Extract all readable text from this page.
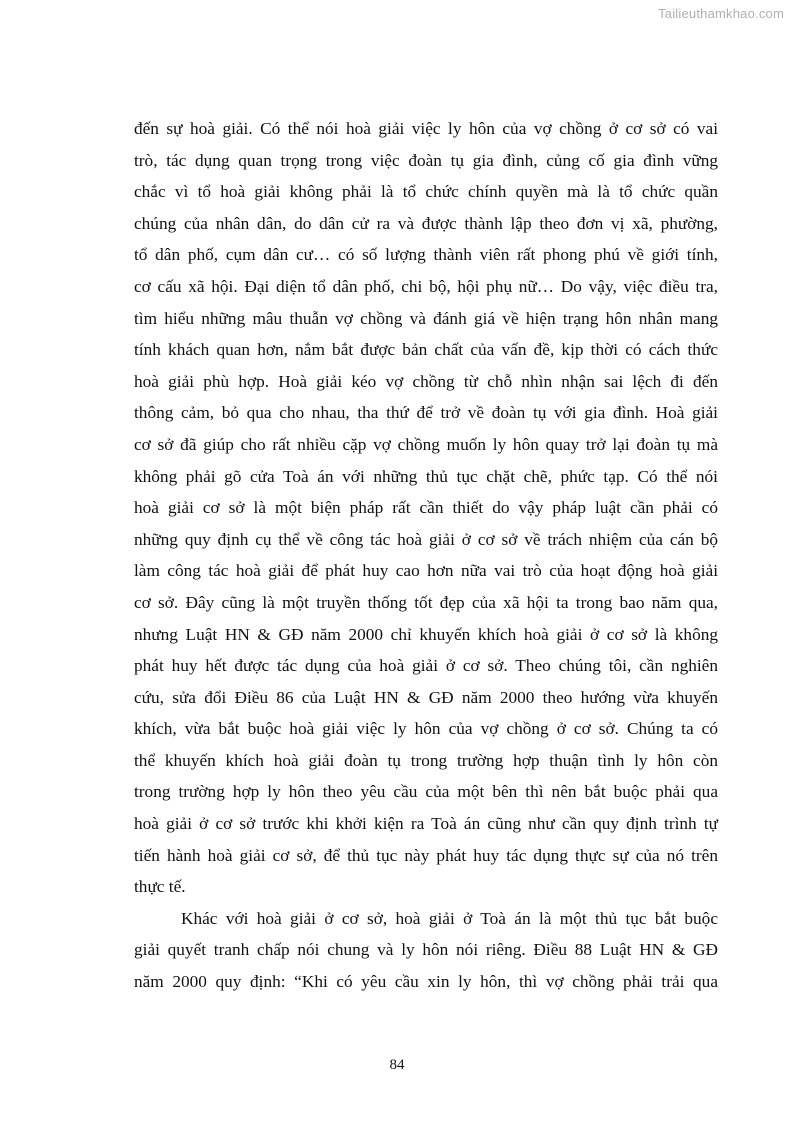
Tailieuthamkhao.com
đến sự hoà giải. Có thể nói hoà giải việc ly hôn của vợ chồng ở cơ sở có vai
trò, tác dụng quan trọng trong việc đoàn tụ gia đình, củng cố gia đình vững
chắc vì tổ hoà giải không phải là tổ chức chính quyền mà là tổ chức quần
chúng của nhân dân, do dân cử ra và được thành lập theo đơn vị xã, phường,
tổ dân phố, cụm dân cư… có số lượng thành viên rất phong phú về giới tính,
cơ cấu xã hội. Đại diện tổ dân phố, chi bộ, hội phụ nữ… Do vậy, việc điều tra,
tìm hiểu những mâu thuẫn vợ chồng và đánh giá về hiện trạng hôn nhân mang
tính khách quan hơn, nắm bắt được bản chất của vấn đề, kịp thời có cách thức
hoà giải phù hợp. Hoà giải kéo vợ chồng từ chỗ nhìn nhận sai lệch đi đến
thông cảm, bỏ qua cho nhau, tha thứ để trở về đoàn tụ với gia đình. Hoà giải
cơ sở đã giúp cho rất nhiều cặp vợ chồng muốn ly hôn quay trở lại đoàn tụ mà
không phải gõ cửa Toà án với những thủ tục chặt chẽ, phức tạp. Có thể nói
hoà giải cơ sở là một biện pháp rất cần thiết do vậy pháp luật cần phải có
những quy định cụ thể về công tác hoà giải ở cơ sở về trách nhiệm của cán bộ
làm công tác hoà giải để phát huy cao hơn nữa vai trò của hoạt động hoà giải
cơ sở. Đây cũng là một truyền thống tốt đẹp của xã hội ta trong bao năm qua,
nhưng Luật HN & GĐ năm 2000 chỉ khuyến khích hoà giải ở cơ sở là không
phát huy hết được tác dụng của hoà giải ở cơ sở. Theo chúng tôi, cần nghiên
cứu, sửa đổi Điều 86 của Luật HN & GĐ năm 2000 theo hướng vừa khuyến
khích, vừa bắt buộc hoà giải việc ly hôn của vợ chồng ở cơ sở. Chúng ta có
thể khuyến khích hoà giải đoàn tụ trong trường hợp thuận tình ly hôn còn
trong trường hợp ly hôn theo yêu cầu của một bên thì nên bắt buộc phải qua
hoà giải ở cơ sở trước khi khởi kiện ra Toà án cũng như cần quy định trình tự
tiến hành hoà giải cơ sở, để thủ tục này phát huy tác dụng thực sự của nó trên
thực tế.
Khác với hoà giải ở cơ sở, hoà giải ở Toà án là một thủ tục bắt buộc
giải quyết tranh chấp nói chung và ly hôn nói riêng. Điều 88 Luật HN & GĐ
năm 2000 quy định: “Khi có yêu cầu xin ly hôn, thì vợ chồng phải trải qua
84
